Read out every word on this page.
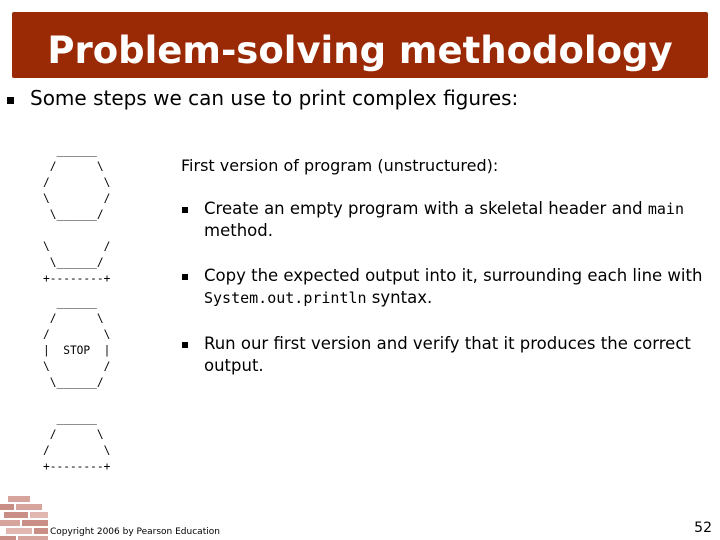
Problem-solving methodology
Some steps we can use to print complex figures:
______
/      \
/        \
\        /
\______/
\        /
\______/
+--------+
______
/      \
/        \
|  STOP  |
\        /
\______/
______
/      \
/        \
+--------+
First version of program (unstructured):
Create an empty program with a skeletal header and main method.
Copy the expected output into it, surrounding each line with System.out.println syntax.
Run our first version and verify that it produces the correct output.
Copyright 2006 by Pearson Education	52
